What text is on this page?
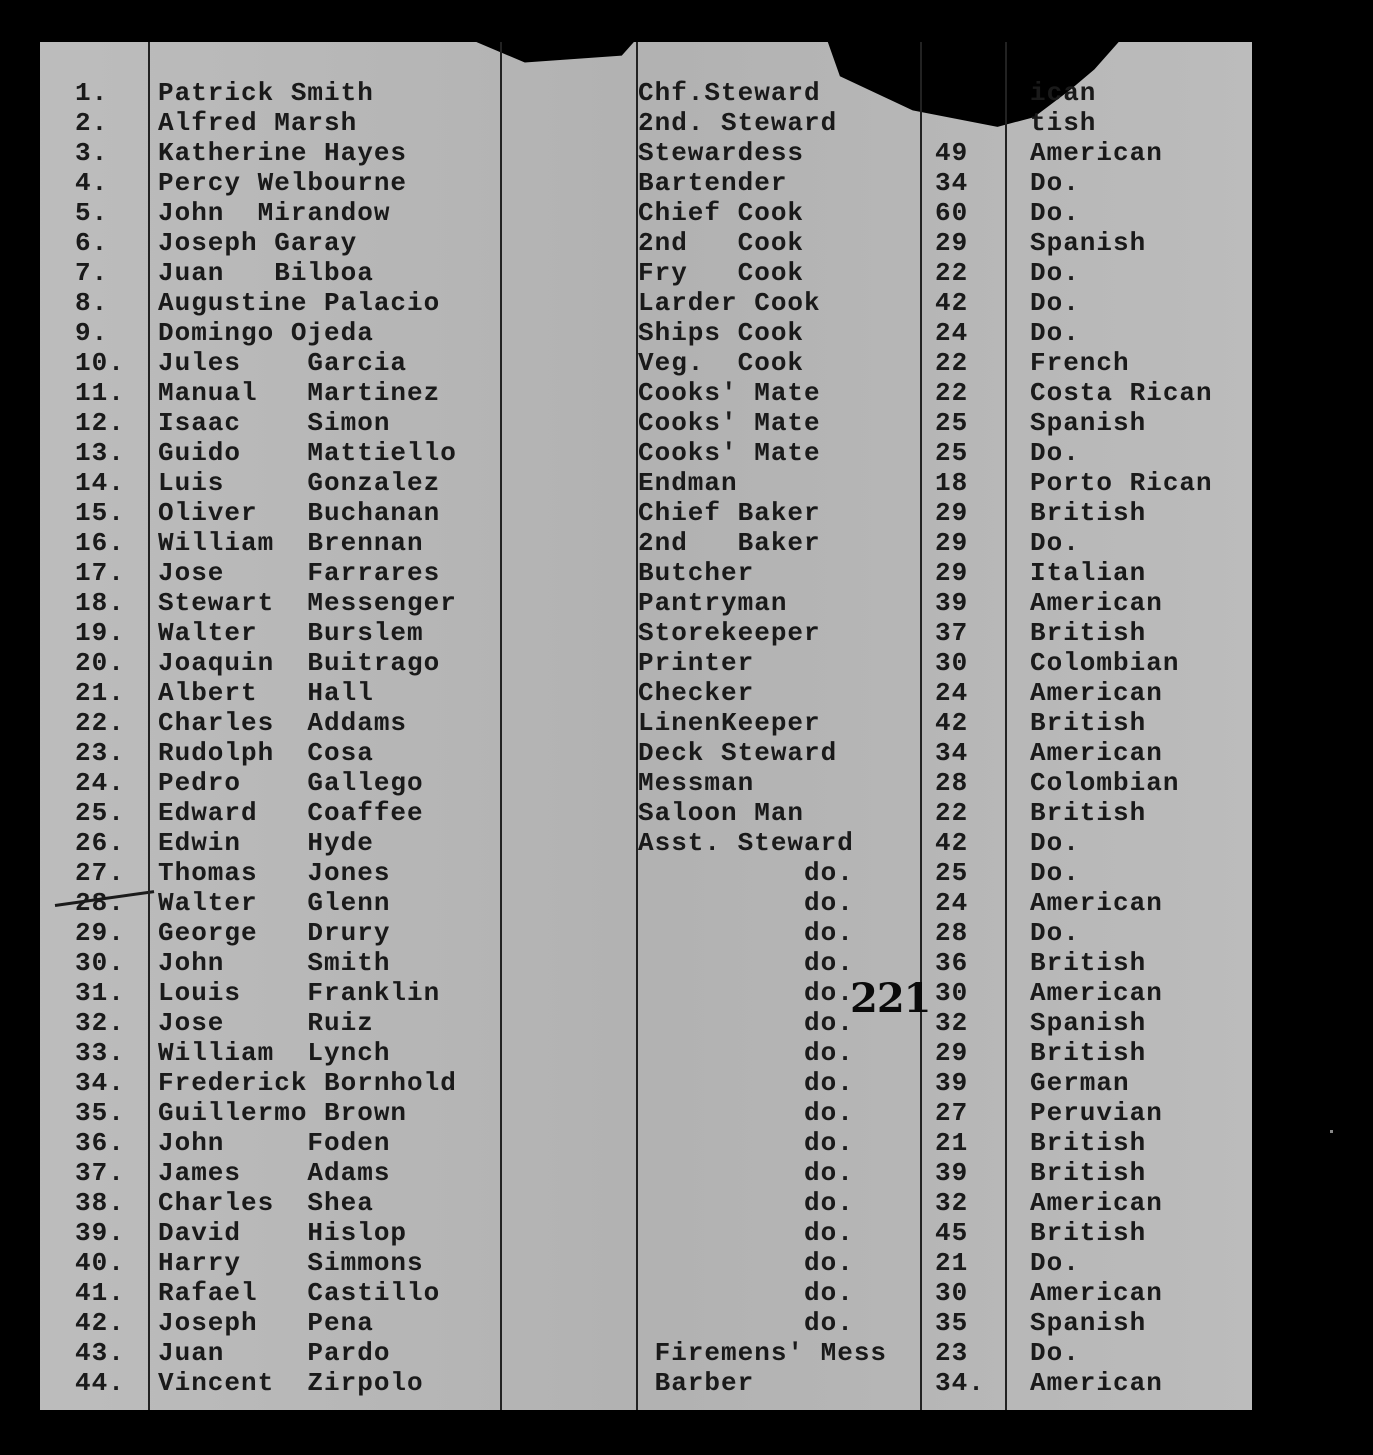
1.	Patrick Smith	Chf.Steward	ican
2.	Alfred Marsh	2nd. Steward	tish
3.	Katherine Hayes	Stewardess	49 American
4.	Percy Welbourne	Bartender	34 Do.
5.	John  Mirandow	Chief Cook	60 Do.
6.	Joseph Garay	2nd   Cook	29 Spanish
7.	Juan   Bilboa	Fry   Cook	22 Do.
8.	Augustine Palacio	Larder Cook	42 Do.
9.	Domingo Ojeda	Ships Cook	24 Do.
10.	Jules    Garcia	Veg.  Cook	22 French
11.	Manual   Martinez	Cooks' Mate	22 Costa Rican
12.	Isaac    Simon	Cooks' Mate	25 Spanish
13.	Guido    Mattiello	Cooks' Mate	25 Do.
14.	Luis     Gonzalez	Endman	18 Porto Rican
15.	Oliver   Buchanan	Chief Baker	29 British
16.	William  Brennan	2nd   Baker	29 Do.
17.	Jose     Farrares	Butcher	29 Italian
18.	Stewart  Messenger	Pantryman	39 American
19.	Walter   Burslem	Storekeeper	37 British
20.	Joaquin  Buitrago	Printer	30 Colombian
21.	Albert   Hall	Checker	24 American
22.	Charles  Addams	LinenKeeper	42 British
23.	Rudolph  Cosa	Deck Steward	34 American
24.	Pedro    Gallego	Messman	28 Colombian
25.	Edward   Coaffee	Saloon Man	22 British
26.	Edwin    Hyde	Asst. Steward	42 Do.
27.	Thomas   Jones	do.	25 Do.
28.	Walter   Glenn	do.	24 American
29.	George   Drury	do.	28 Do.
30.	John     Smith	do.	36 British
31.	Louis    Franklin	do.	30 American
32.	Jose     Ruiz	do.	32 Spanish
33.	William  Lynch	do.	29 British
34.	Frederick Bornhold	do.	39 German
35.	Guillermo Brown	do.	27 Peruvian
36.	John     Foden	do.	21 British
37.	James    Adams	do.	39 British
38.	Charles  Shea	do.	32 American
39.	David    Hislop	do.	45 British
40.	Harry    Simmons	do.	21 Do.
41.	Rafael   Castillo	do.	30 American
42.	Joseph   Pena	do.	35 Spanish
43.	Juan     Pardo	Firemens' Mess 23 Do.
44.	Vincent  Zirpolo	Barber	34. American
221
